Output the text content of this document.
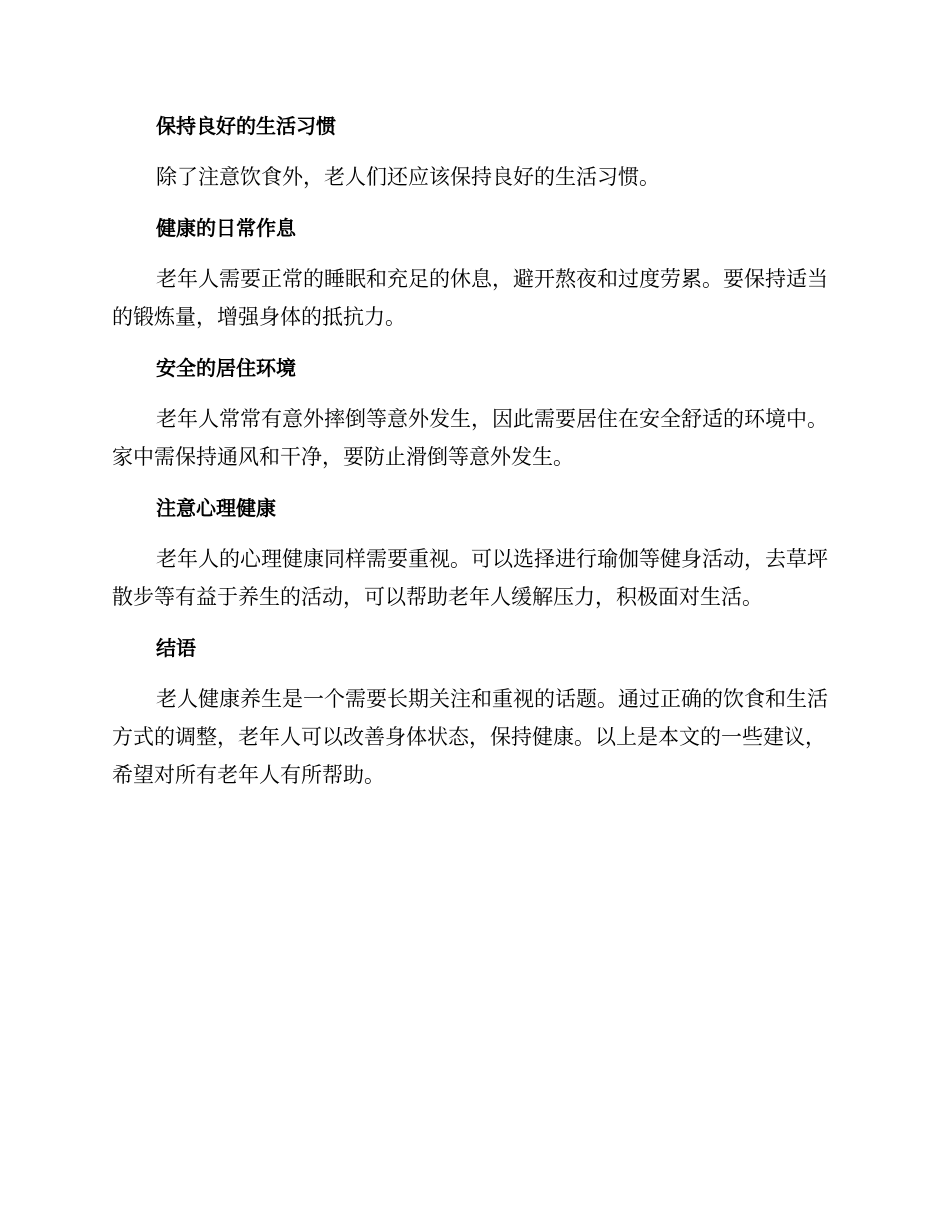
保持良好的生活习惯

除了注意饮食外，老人们还应该保持良好的生活习惯。

健康的日常作息

老年人需要正常的睡眠和充足的休息，避开熬夜和过度劳累。要保持适当的锻炼量，增强身体的抵抗力。

安全的居住环境

老年人常常有意外摔倒等意外发生，因此需要居住在安全舒适的环境中。家中需保持通风和干净，要防止滑倒等意外发生。

注意心理健康

老年人的心理健康同样需要重视。可以选择进行瑜伽等健身活动，去草坪散步等有益于养生的活动，可以帮助老年人缓解压力，积极面对生活。

结语

老人健康养生是一个需要长期关注和重视的话题。通过正确的饮食和生活方式的调整，老年人可以改善身体状态，保持健康。以上是本文的一些建议，希望对所有老年人有所帮助。
